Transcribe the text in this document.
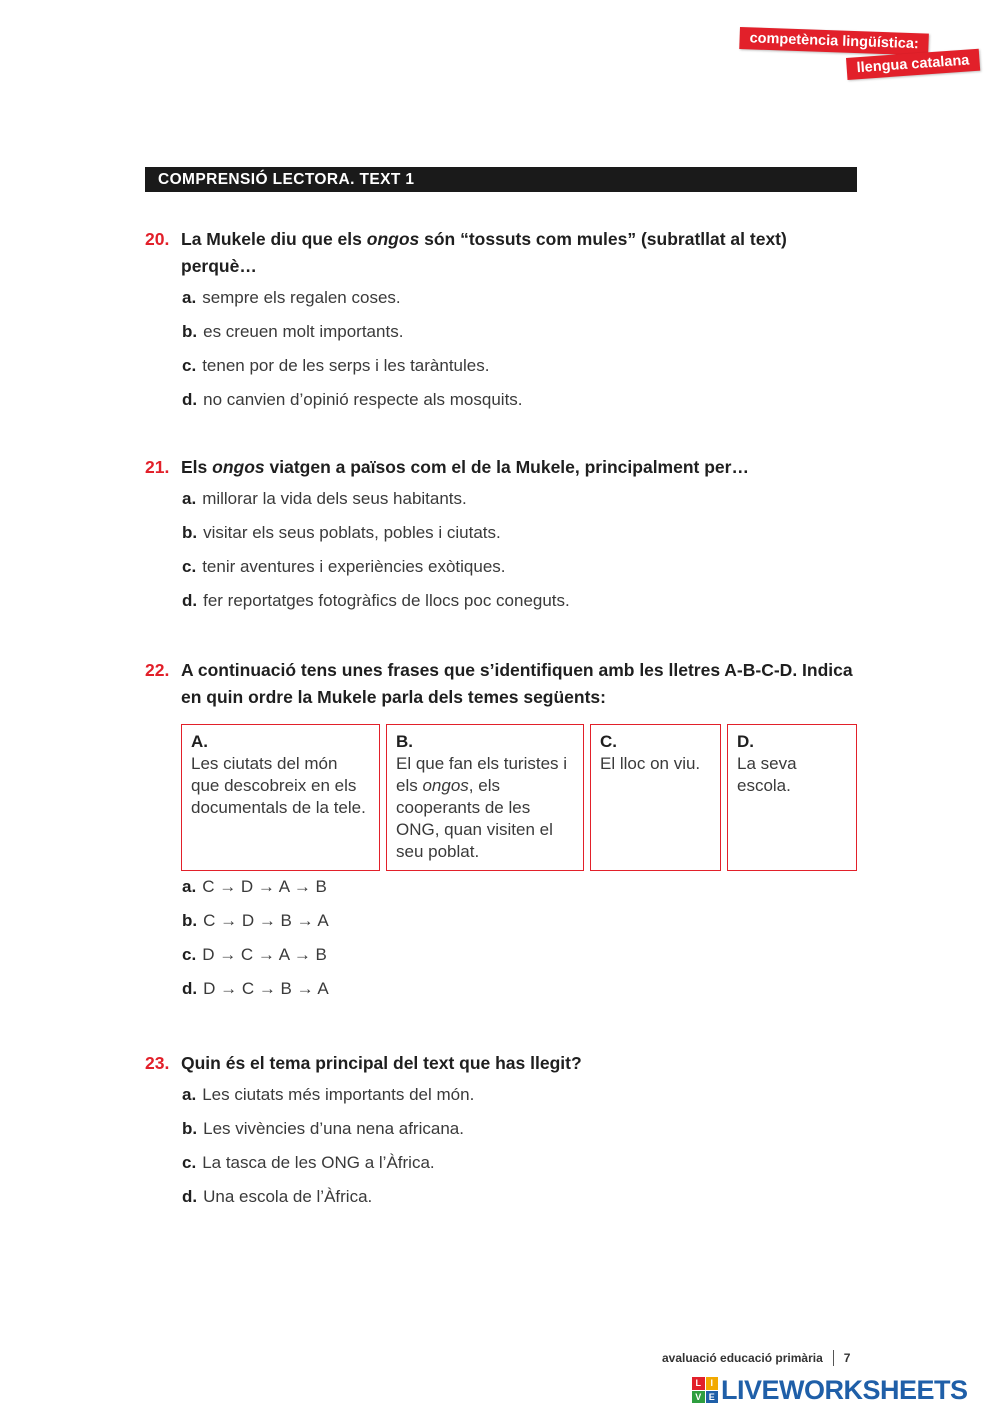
competència lingüística:
llengua catalana
COMPRENSIÓ LECTORA. TEXT 1
20. La Mukele diu que els ongos són “tossuts com mules” (subratllat al text) perquè…
a. sempre els regalen coses.
b. es creuen molt importants.
c. tenen por de les serps i les taràntules.
d. no canvien d’opinió respecte als mosquits.
21. Els ongos viatgen a països com el de la Mukele, principalment per…
a. millorar la vida dels seus habitants.
b. visitar els seus poblats, pobles i ciutats.
c. tenir aventures i experiències exòtiques.
d. fer reportatges fotogràfics de llocs poc coneguts.
22. A continuació tens unes frases que s’identifiquen amb les lletres A-B-C-D. Indica en quin ordre la Mukele parla dels temes següents:
A.
Les ciutats del món que descobreix en els documentals de la tele.
B.
El que fan els turistes i els ongos, els cooperants de les ONG, quan visiten el seu poblat.
C.
El lloc on viu.
D.
La seva escola.
a. C → D → A → B
b. C → D → B → A
c. D → C → A → B
d. D → C → B → A
23. Quin és el tema principal del text que has llegit?
a. Les ciutats més importants del món.
b. Les vivències d’una nena africana.
c. La tasca de les ONG a l’Àfrica.
d. Una escola de l’Àfrica.
avaluació educació primària 7
L	I
V E LIVEWORKSHEETS
